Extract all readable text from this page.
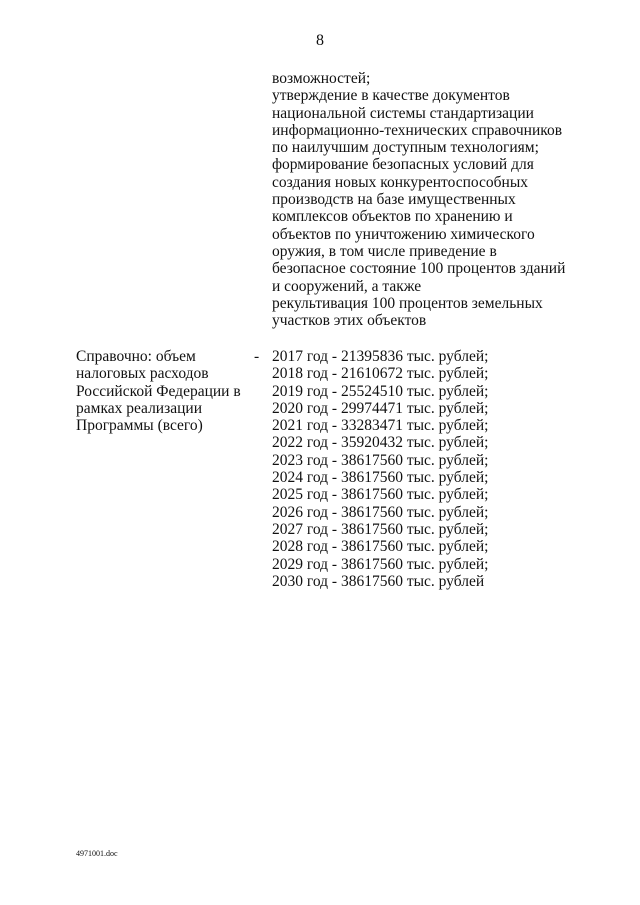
8
возможностей;
утверждение в качестве документов
национальной системы стандартизации
информационно-технических справочников
по наилучшим доступным технологиям;
формирование безопасных условий для
создания новых конкурентоспособных
производств на базе имущественных
комплексов объектов по хранению и
объектов по уничтожению химического
оружия, в том числе приведение в
безопасное состояние 100 процентов зданий
и сооружений, а также
рекультивация 100 процентов земельных
участков этих объектов
Справочно: объем
налоговых расходов
Российской Федерации в
рамках реализации
Программы (всего)
- 2017 год - 21395836 тыс. рублей;
2018 год - 21610672 тыс. рублей;
2019 год - 25524510 тыс. рублей;
2020 год - 29974471 тыс. рублей;
2021 год - 33283471 тыс. рублей;
2022 год - 35920432 тыс. рублей;
2023 год - 38617560 тыс. рублей;
2024 год - 38617560 тыс. рублей;
2025 год - 38617560 тыс. рублей;
2026 год - 38617560 тыс. рублей;
2027 год - 38617560 тыс. рублей;
2028 год - 38617560 тыс. рублей;
2029 год - 38617560 тыс. рублей;
2030 год - 38617560 тыс. рублей
4971001.doc
